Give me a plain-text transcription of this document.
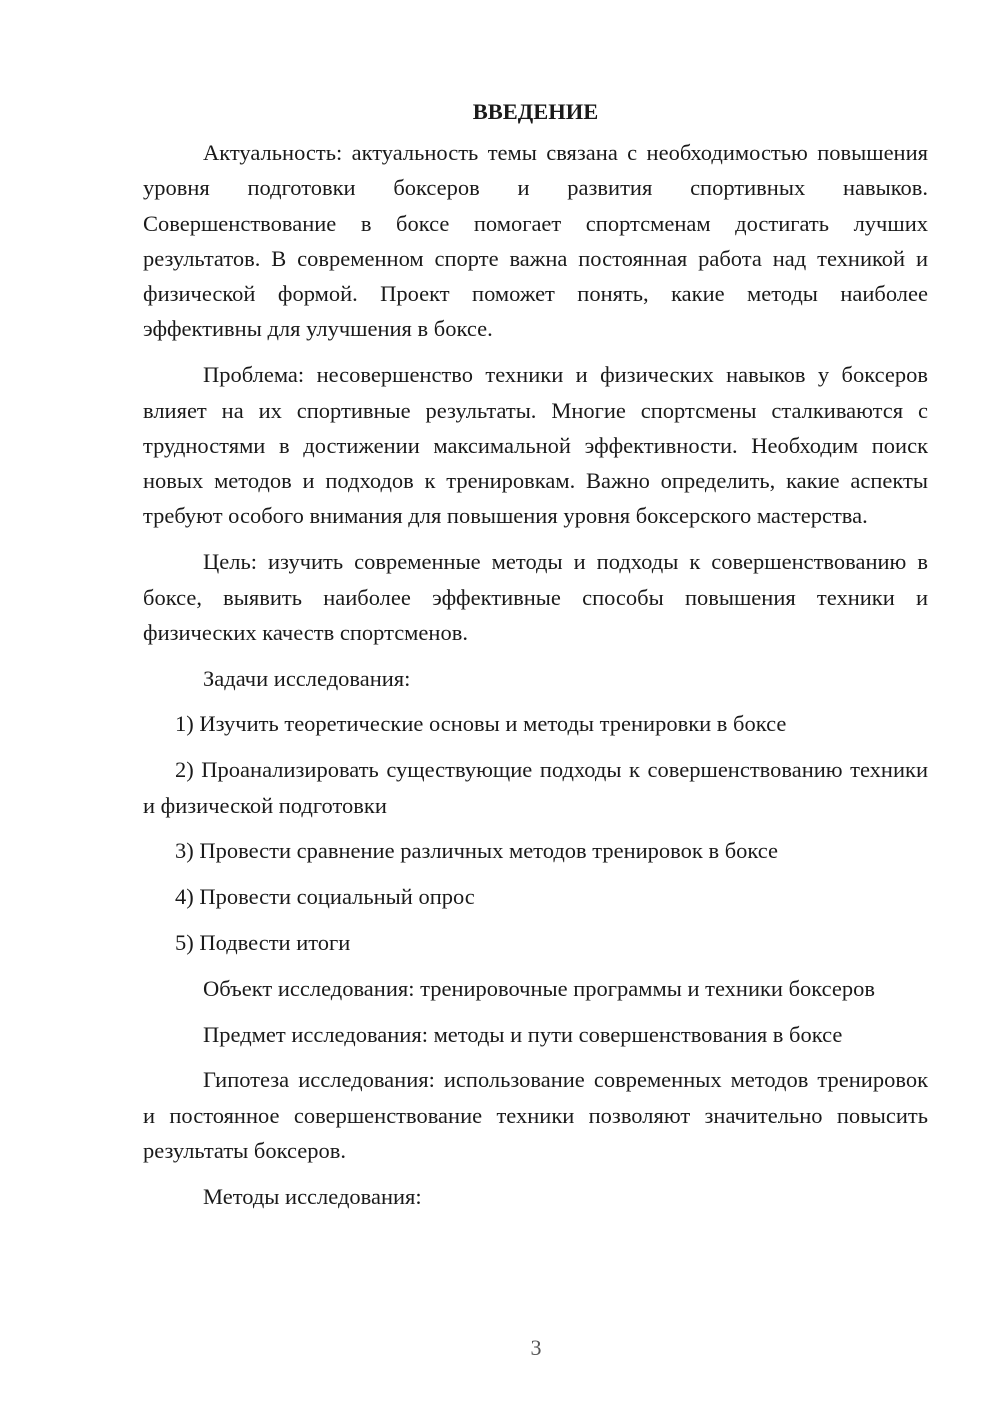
ВВЕДЕНИЕ
Актуальность: актуальность темы связана с необходимостью повышения уровня подготовки боксеров и развития спортивных навыков. Совершенствование в боксе помогает спортсменам достигать лучших результатов. В современном спорте важна постоянная работа над техникой и физической формой. Проект поможет понять, какие методы наиболее эффективны для улучшения в боксе.
Проблема: несовершенство техники и физических навыков у боксеров влияет на их спортивные результаты. Многие спортсмены сталкиваются с трудностями в достижении максимальной эффективности. Необходим поиск новых методов и подходов к тренировкам. Важно определить, какие аспекты требуют особого внимания для повышения уровня боксерского мастерства.
Цель: изучить современные методы и подходы к совершенствованию в боксе, выявить наиболее эффективные способы повышения техники и физических качеств спортсменов.
Задачи исследования:
1) Изучить теоретические основы и методы тренировки в боксе
2) Проанализировать существующие подходы к совершенствованию техники и физической подготовки
3) Провести сравнение различных методов тренировок в боксе
4) Провести социальный опрос
5) Подвести итоги
Объект исследования: тренировочные программы и техники боксеров
Предмет исследования: методы и пути совершенствования в боксе
Гипотеза исследования: использование современных методов тренировок и постоянное совершенствование техники позволяют значительно повысить результаты боксеров.
Методы исследования:
3
